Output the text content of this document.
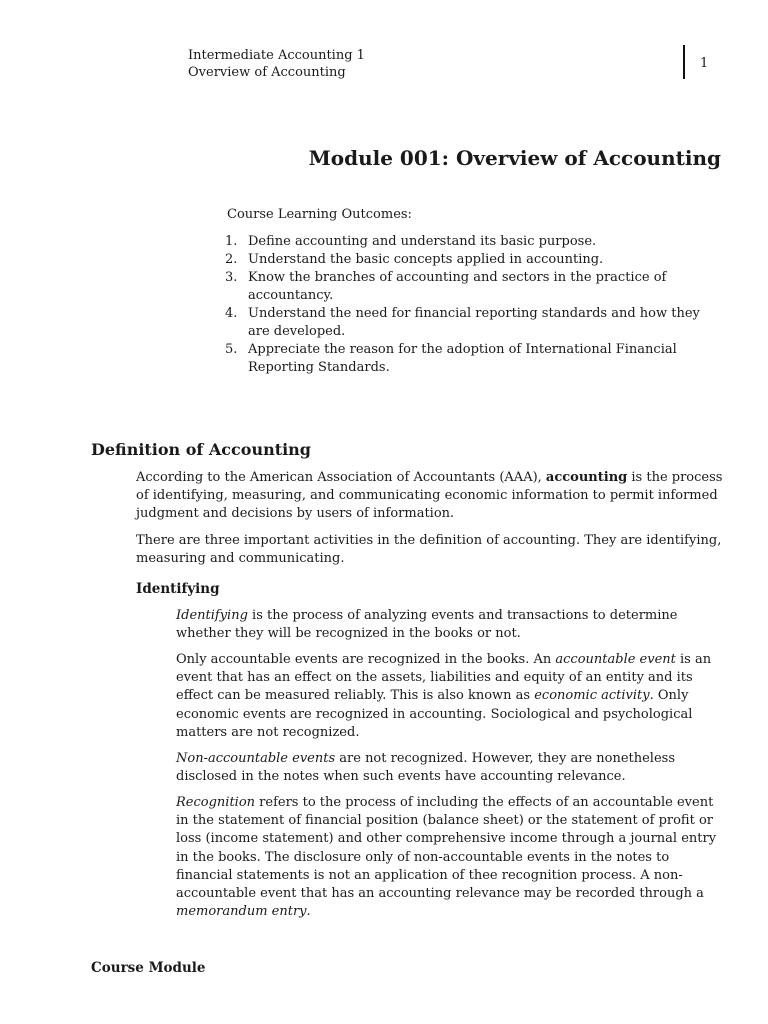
Intermediate Accounting 1
Overview of Accounting
1
Module 001: Overview of Accounting
Course Learning Outcomes:
1. Define accounting and understand its basic purpose.
2. Understand the basic concepts applied in accounting.
3. Know the branches of accounting and sectors in the practice of accountancy.
4. Understand the need for financial reporting standards and how they are developed.
5. Appreciate the reason for the adoption of International Financial Reporting Standards.
Definition of Accounting

According to the American Association of Accountants (AAA), accounting is the process of identifying, measuring, and communicating economic information to permit informed judgment and decisions by users of information.

There are three important activities in the definition of accounting. They are identifying, measuring and communicating.

Identifying

Identifying is the process of analyzing events and transactions to determine whether they will be recognized in the books or not.

Only accountable events are recognized in the books. An accountable event is an event that has an effect on the assets, liabilities and equity of an entity and its effect can be measured reliably. This is also known as economic activity. Only economic events are recognized in accounting. Sociological and psychological matters are not recognized.

Non-accountable events are not recognized. However, they are nonetheless disclosed in the notes when such events have accounting relevance.

Recognition refers to the process of including the effects of an accountable event in the statement of financial position (balance sheet) or the statement of profit or loss (income statement) and other comprehensive income through a journal entry in the books. The disclosure only of non-accountable events in the notes to financial statements is not an application of thee recognition process. A non-accountable event that has an accounting relevance may be recorded through a memorandum entry.

Course Module
